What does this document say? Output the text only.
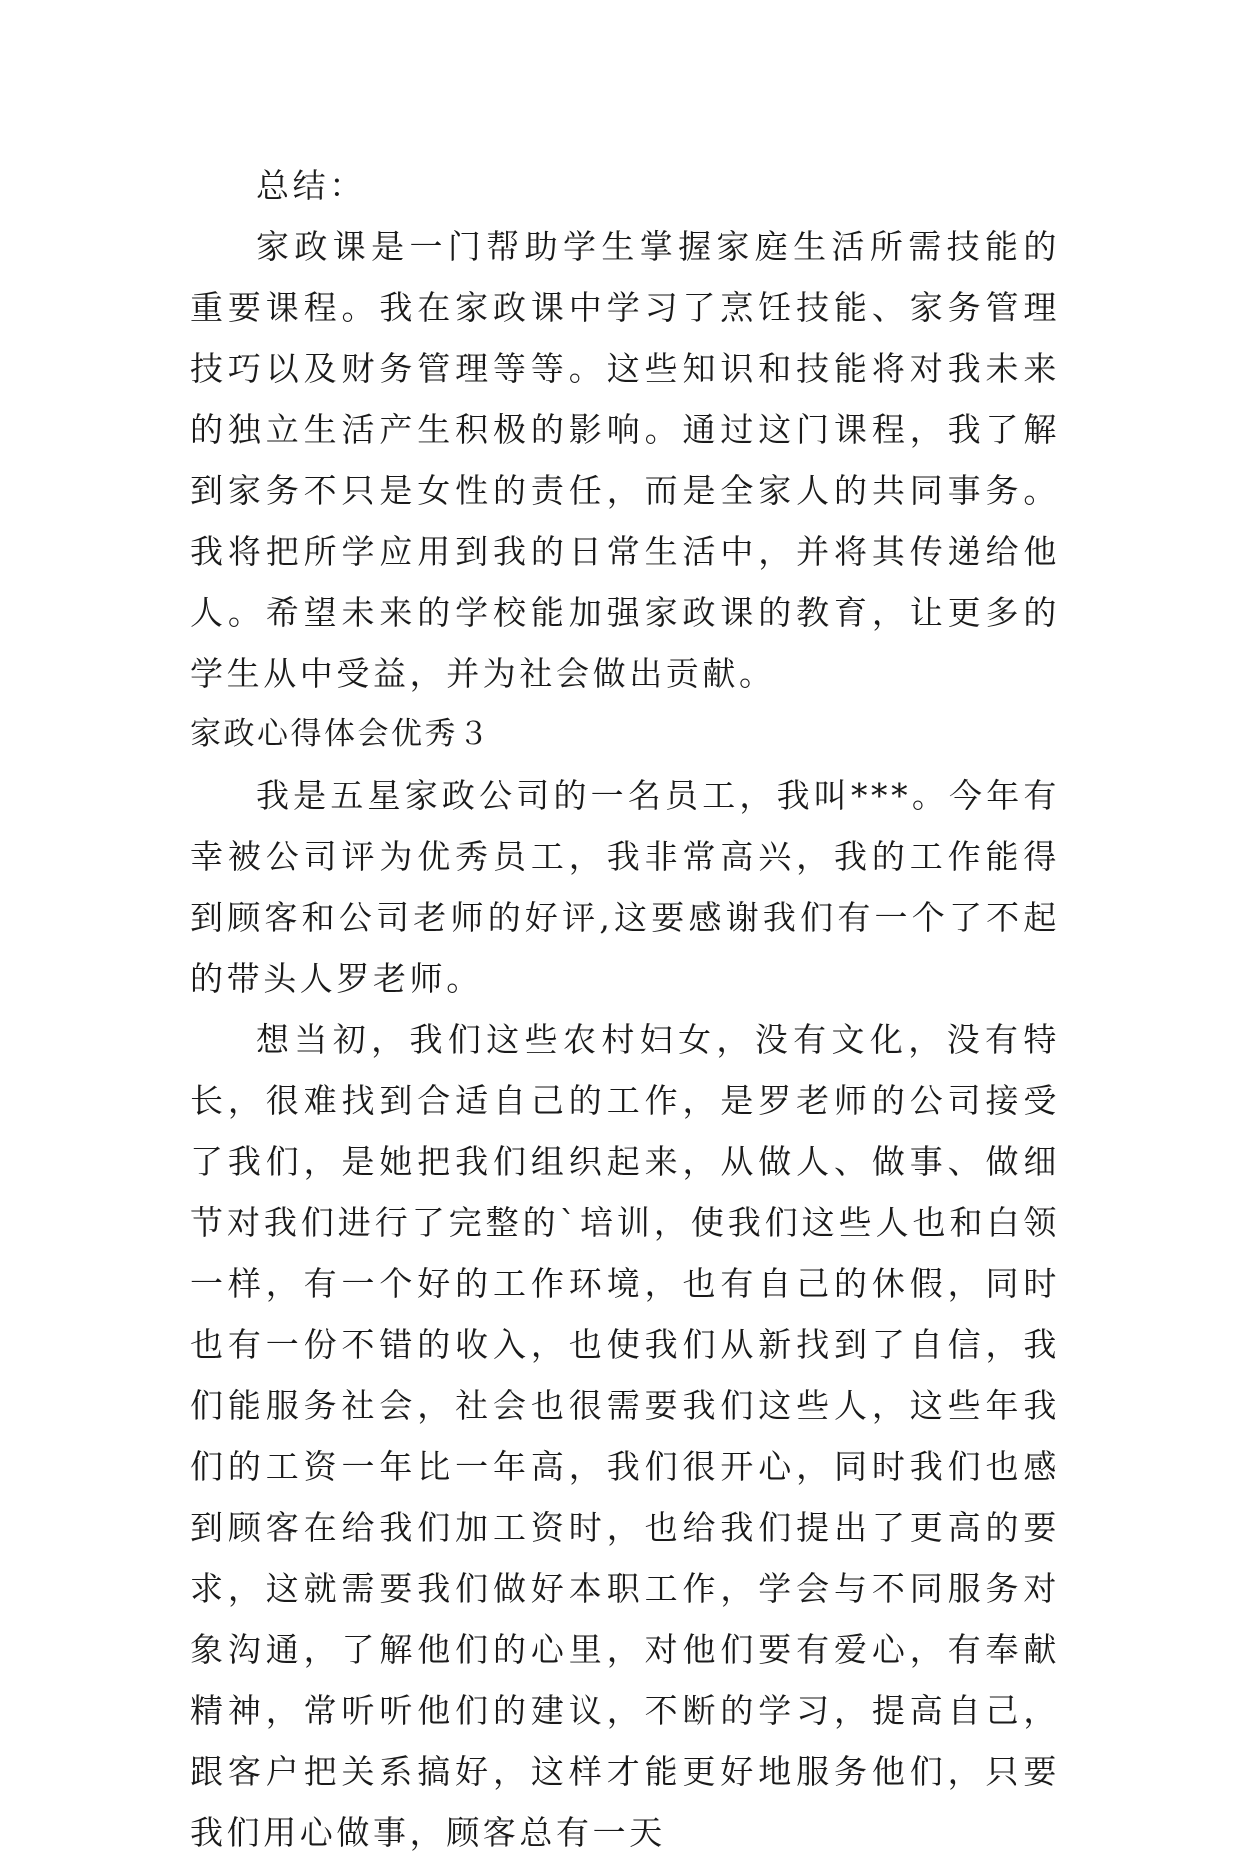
总结：

家政课是一门帮助学生掌握家庭生活所需技能的重要课程。我在家政课中学习了烹饪技能、家务管理技巧以及财务管理等等。这些知识和技能将对我未来的独立生活产生积极的影响。通过这门课程，我了解到家务不只是女性的责任，而是全家人的共同事务。我将把所学应用到我的日常生活中，并将其传递给他人。希望未来的学校能加强家政课的教育，让更多的学生从中受益，并为社会做出贡献。

家政心得体会优秀３

我是五星家政公司的一名员工，我叫***。今年有幸被公司评为优秀员工，我非常高兴，我的工作能得到顾客和公司老师的好评,这要感谢我们有一个了不起的带头人罗老师。

想当初，我们这些农村妇女，没有文化，没有特长，很难找到合适自己的工作，是罗老师的公司接受了我们，是她把我们组织起来，从做人、做事、做细节对我们进行了完整的`培训，使我们这些人也和白领一样，有一个好的工作环境，也有自己的休假，同时也有一份不错的收入，也使我们从新找到了自信，我们能服务社会，社会也很需要我们这些人，这些年我们的工资一年比一年高，我们很开心，同时我们也感到顾客在给我们加工资时，也给我们提出了更高的要求，这就需要我们做好本职工作，学会与不同服务对象沟通，了解他们的心里，对他们要有爱心，有奉献精神，常听听他们的建议，不断的学习，提高自己，跟客户把关系搞好，这样才能更好地服务他们，只要我们用心做事，顾客总有一天
